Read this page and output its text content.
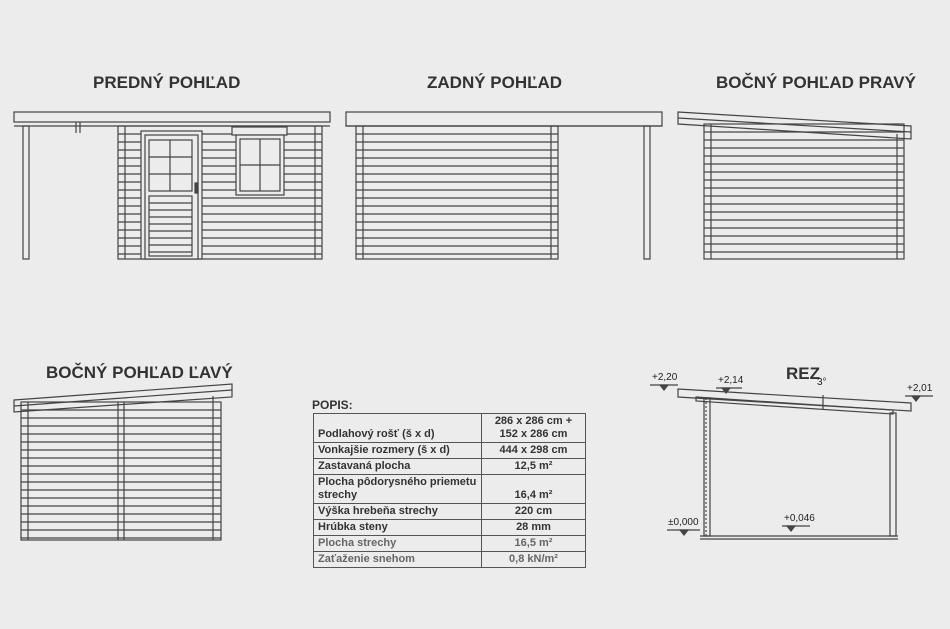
PREDNÝ POHĽAD	ZADNÝ POHĽAD	BOČNÝ POHĽAD PRAVÝ
BOČNÝ POHĽAD ĽAVÝ	REZ
+2,20	+2,14	3°
+2,01
±0,000	+0,046
POPIS:
Podlahový rošť (š x d)	286 x 286 cm + 152 x 286 cm
Vonkajšie rozmery (š x d)	444 x 298 cm
Zastavaná plocha	12,5 m²
Plocha pôdorysného priemetu strechy	16,4 m²
Výška hrebeňa strechy	220 cm
Hrúbka steny	28 mm
Plocha strechy	16,5 m²
Zaťaženie snehom	0,8 kN/m²
